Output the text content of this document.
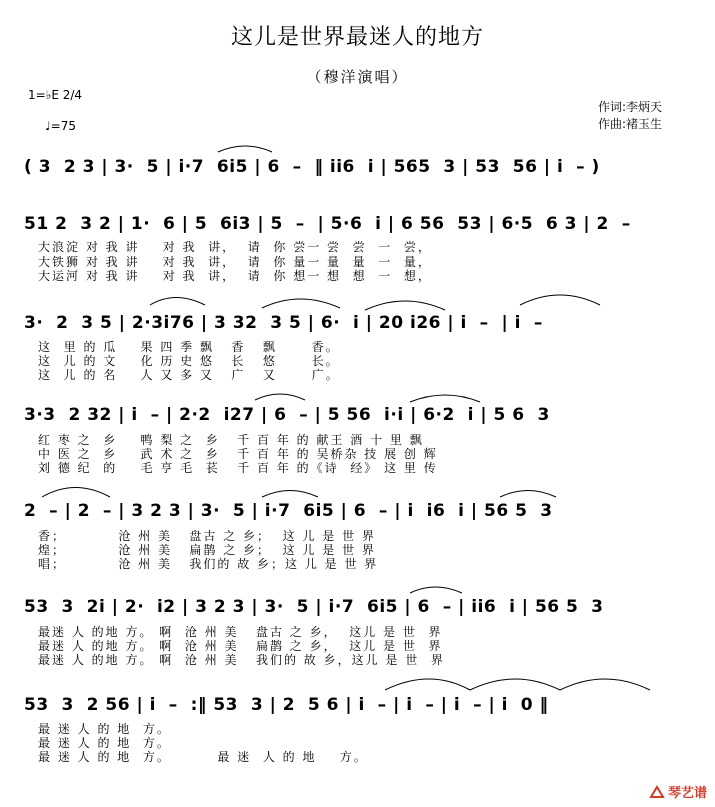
这儿是世界最迷人的地方
（穆洋演唱）
1=♭E 2/4
♩=75
作词:李炳天
作曲:褚玉生
( 3  2 3 | 3·  5 | i·7  6i5 | 6  –  ‖ ii6  i | 565  3 | 53  56 | i  – )
51 2  3 2 | 1·  6 | 5  6i3 | 5  –  | 5·6  i | 6 56  53 | 6·5  6 3 | 2  –
大浪淀 对 我 讲    对 我  讲，  请  你 尝一 尝  尝  一  尝，
大铁狮 对 我 讲    对 我  讲，  请  你 量一 量  量  一  量，
大运河 对 我 讲    对 我  讲，  请  你 想一 想  想  一  想，
3·  2  3 5 | 2·3i76 | 3 32  3 5 | 6·  i | 20 i26 | i  –  | i  –
这  里 的 瓜    果 四 季 飘   香   飘      香。
这  儿 的 文    化 历 史 悠   长   悠      长。
这  儿 的 名    人 又 多 又   广   又      广。
3·3  2 32 | i  – | 2·2  i27 | 6  – | 5 56  i·i | 6·2  i | 5 6  3
红 枣 之  乡    鸭 梨 之  乡   千 百 年 的 献王 酒 十 里 飘
中 医 之  乡    武 术 之  乡   千 百 年 的 吴桥杂 技 展 创 辉
刘 德 纪  的    毛 亨 毛  苌   千 百 年 的《诗  经》 这 里 传
2  – | 2  – | 3 2 3 | 3·  5 | i·7  6i5 | 6  – | i  i6  i | 56 5  3
香；         沧 州 美   盘古 之 乡；  这 儿 是 世 界
煌；         沧 州 美   扁鹊 之 乡；  这 儿 是 世 界
唱；         沧 州 美   我们的 故 乡；这 儿 是 世 界
53  3  2i | 2·  i2 | 3 2 3 | 3·  5 | i·7  6i5 | 6  – | ii6  i | 56 5  3
最迷 人 的地 方。 啊  沧 州 美   盘古 之 乡，  这儿 是 世  界
最迷 人 的地 方。 啊  沧 州 美   扁鹊 之 乡，  这儿 是 世  界
最迷 人 的地 方。 啊  沧 州 美   我们的 故 乡，这儿 是 世  界
53  3  2 56 | i  –  :‖ 53  3 | 2  5 6 | i  – | i  – | i  – | i  0 ‖
最 迷 人 的 地  方。
最 迷 人 的 地  方。
最 迷 人 的 地  方。        最 迷  人 的 地    方。
琴艺谱
